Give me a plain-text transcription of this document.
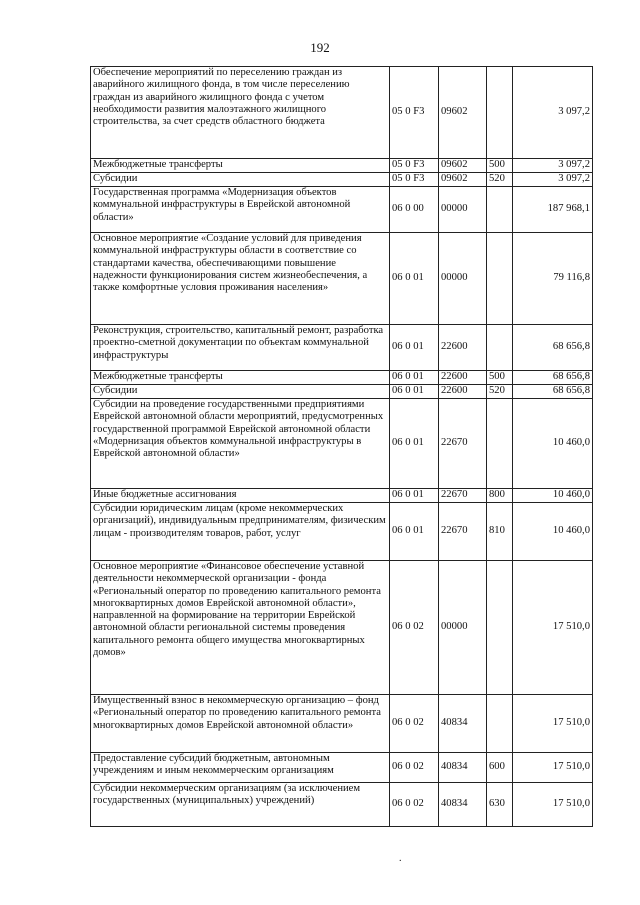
192
Обеспечение мероприятий по переселению граждан из аварийного жилищного фонда, в том числе переселению граждан из аварийного жилищного фонда с учетом необходимости развития малоэтажного жилищного строительства, за счет средств областного бюджета	05 0 F3	09602		3 097,2
Межбюджетные трансферты	05 0 F3	09602	500	3 097,2
Субсидии	05 0 F3	09602	520	3 097,2
Государственная программа «Модернизация объектов коммунальной инфраструктуры в Еврейской автономной области»	06 0 00	00000		187 968,1
Основное мероприятие «Создание условий для приведения коммунальной инфраструктуры области в соответствие со стандартами качества, обеспечивающими повышение надежности функционирования систем жизнеобеспечения, а также комфортные условия проживания населения»	06 0 01	00000		79 116,8
Реконструкция, строительство, капитальный ремонт, разработка проектно-сметной документации по объектам коммунальной инфраструктуры	06 0 01	22600		68 656,8
Межбюджетные трансферты	06 0 01	22600	500	68 656,8
Субсидии	06 0 01	22600	520	68 656,8
Субсидии на проведение государственными предприятиями Еврейской автономной области мероприятий, предусмотренных государственной программой Еврейской автономной области «Модернизация объектов коммунальной инфраструктуры в Еврейской автономной области»	06 0 01	22670		10 460,0
Иные бюджетные ассигнования	06 0 01	22670	800	10 460,0
Субсидии юридическим лицам (кроме некоммерческих организаций), индивидуальным предпринимателям, физическим лицам - производителям товаров, работ, услуг	06 0 01	22670	810	10 460,0
Основное мероприятие «Финансовое обеспечение уставной деятельности некоммерческой организации - фонда «Региональный оператор по проведению капитального ремонта многоквартирных домов Еврейской автономной области», направленной на формирование на территории Еврейской автономной области региональной системы проведения капитального ремонта общего имущества многоквартирных домов»	06 0 02	00000		17 510,0
Имущественный взнос в некоммерческую организацию – фонд «Региональный оператор по проведению капитального ремонта многоквартирных домов Еврейской автономной области»	06 0 02	40834		17 510,0
Предоставление субсидий бюджетным, автономным учреждениям и иным некоммерческим организациям	06 0 02	40834	600	17 510,0
Субсидии некоммерческим организациям (за исключением государственных (муниципальных) учреждений)	06 0 02	40834	630	17 510,0
.
